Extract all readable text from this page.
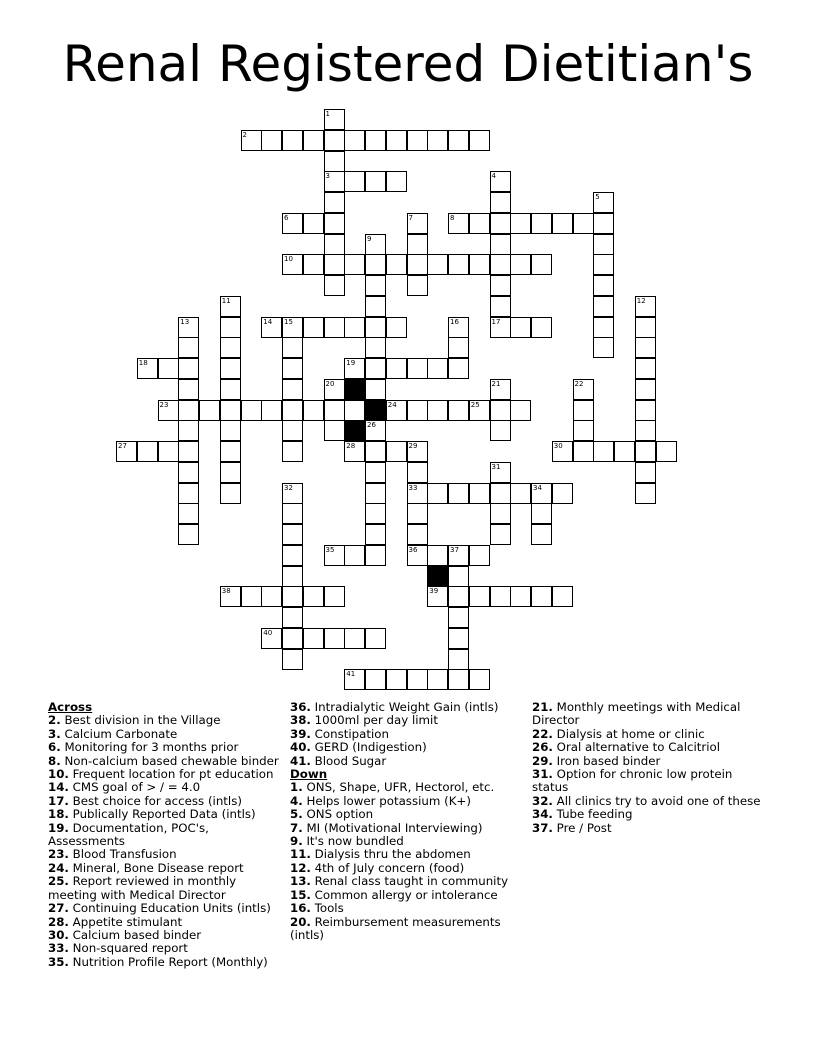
Renal Registered Dietitian's
1
3
2
4
17
5
6	7	8
9
26
10
11	12
13	14 15	16
18	19
20	21	22
23	24	25
27	28	29
33
36
30
31
32	34
35	37
38	39
40
41
Across
2. Best division in the Village
3. Calcium Carbonate
6. Monitoring for 3 months prior
8. Non-calcium based chewable binder
10. Frequent location for pt education
14. CMS goal of > / = 4.0
17. Best choice for access (intls)
18. Publically Reported Data (intls)
19. Documentation, POC's, Assessments
23. Blood Transfusion
24. Mineral, Bone Disease report
25. Report reviewed in monthly meeting with Medical Director
27. Continuing Education Units (intls)
28. Appetite stimulant
30. Calcium based binder
33. Non-squared report
35. Nutrition Profile Report (Monthly)
36. Intradialytic Weight Gain (intls)
38. 1000ml per day limit
39. Constipation
40. GERD (Indigestion)
41. Blood Sugar
Down
1. ONS, Shape, UFR, Hectorol, etc.
4. Helps lower potassium (K+)
5. ONS option
7. MI (Motivational Interviewing)
9. It's now bundled
11. Dialysis thru the abdomen
12. 4th of July concern (food)
13. Renal class taught in community
15. Common allergy or intolerance
16. Tools
20. Reimbursement measurements (intls)
21. Monthly meetings with Medical Director
22. Dialysis at home or clinic
26. Oral alternative to Calcitriol
29. Iron based binder
31. Option for chronic low protein status
32. All clinics try to avoid one of these
34. Tube feeding
37. Pre / Post
